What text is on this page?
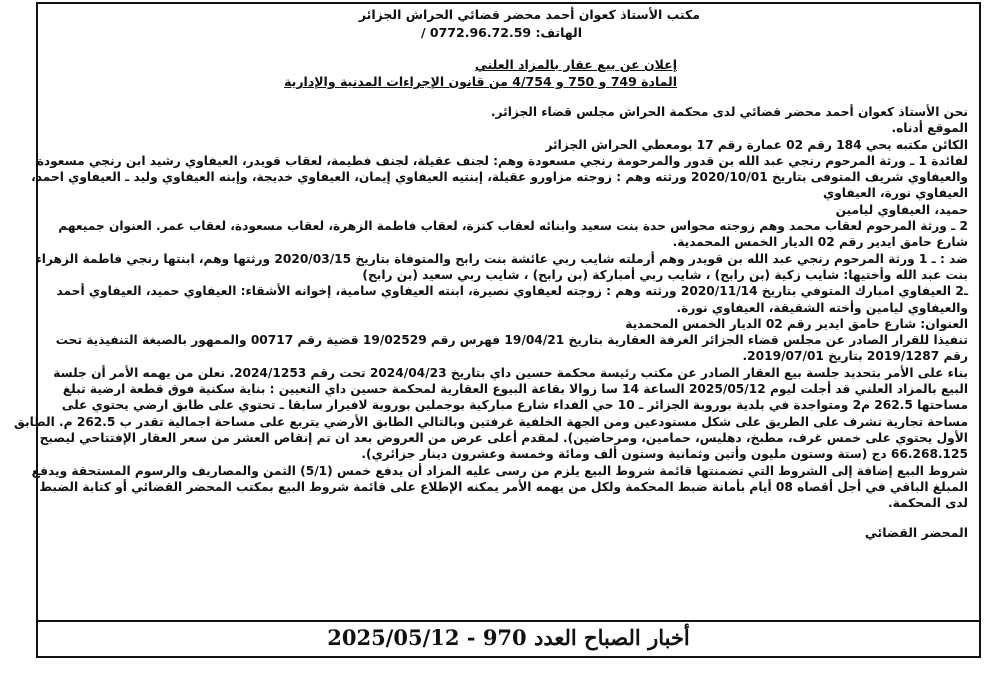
مكتب الأستاذ كعوان أحمد محضر قضائي الحراش الجزائر
الهاتف: 0772.96.72.59 /
إعلان عن بيع عقار بالمزاد العلني
المادة 749 و 750 و 4/754 من قانون الإجراءات المدنية والإدارية

نحن الأستاذ كعوان أحمد محضر قضائي لدى محكمة الحراش مجلس قضاء الجزائر.

الموقع أدناه.

الكائن مكتبه بحي 184 رقم 02 عمارة رقم 17 بومعطي الحراش الجزائر

لفائدة 1 ـ ورثة المرحوم رنجي عبد الله بن قدور والمرحومة رنجي مسعودة وهم: لجنف عقيلة، لجنف فطيمة، لعقاب قويدر، العيفاوي رشيد ابن رنجي مسعودة

والعيفاوي شريف المتوفى بتاريخ 2020/10/01 ورثته وهم : زوجته مزاورو عقيلة، إبنتيه العيفاوي إيمان، العيفاوي خديجة، وإبنه العيفاوي وليد ـ العيفاوي احمد،

العيفاوي نورة، العيفاوي

حميد، العيفاوي ليامين

2 ـ ورثة المرحوم لعقاب محمد وهم زوجته محواس حدة بنت سعيد وابنائه لعقاب كنزة، لعقاب فاطمة الزهرة، لعقاب مسعودة، لعقاب عمر. العنوان جميعهم

شارع حامق ايدير رقم 02 الديار الخمس المحمدية.

ضد : ـ 1 ورثة المرحوم رنجي عبد الله بن قويدر وهم أرملته شايب ربي عائشة بنت رابح والمتوفاة بتاريخ 2020/03/15 ورثتها وهم، ابنتها رنجي فاطمة الزهراء

بنت عبد الله وأختيها: شايب زكية (بن رابح) ، شايب ربي أمباركة (بن رابح) ، شايب ربي سعيد (بن رابح)

ـ2 العيفاوي امبارك المتوفي بتاريخ 2020/11/14 ورثته وهم : زوجته لعيفاوي نصيرة، ابنته العيفاوي سامية، إخوانه الأشقاء: العيفاوي حميد، العيفاوي أحمد

والعيفاوي ليامين وأخته الشقيقة، العيفاوي نورة.

العنوان: شارع حامق ايدير رقم 02 الديار الخمس المحمدية

تنفيذا للقرار الصادر عن مجلس قضاء الجزائر الغرفة العقارية بتاريخ 19/04/21 فهرس رقم 19/02529 قضية رقم 00717 والممهور بالصيغة التنفيذية تحت

رقم 2019/1287 بتاريخ 2019/07/01.

بناء على الأمر بتحديد جلسة بيع العقار الصادر عن مكتب رئيسة محكمة حسين داي بتاريخ 2024/04/23 تحت رقم 2024/1253. نعلن من يهمه الأمر أن جلسة

البيع بالمزاد العلني قد أجلت ليوم 2025/05/12 الساعة 14 سا زوالا بقاعة البيوع العقارية لمحكمة حسين داي التعيين : بناية سكنية فوق قطعة ارضية تبلغ

مساحتها 262.5 م2 ومتواجدة في بلدية بوروبة الجزائر ـ 10 حي الفداء شارع مباركية بوجملين بوروبة لافيرار سابقا ـ تحتوي على طابق ارضي يحتوي على

مساحة تجارية تشرف على الطريق على شكل مستودعين ومن الجهة الخلفية غرفتين وبالتالي الطابق الأرضي يتربع على مساحة اجمالية تقدر ب 262.5 م. الطابق

الأول يحتوي على خمس غرف، مطبخ، دهليس، حمامين، ومرحاضين). لمقدم أعلى عرض من العروض بعد ان تم إنقاص العشر من سعر العقار الإفتتاحي ليصبح

66.268.125 دج (ستة وستون مليون وأتين وثمانية وستون ألف ومائة وخمسة وعشرون دينار جزائري).

شروط البيع إضافة إلى الشروط التي تضمنتها قائمة شروط البيع يلزم من رسى عليه المزاد أن يدفع خمس (5/1) الثمن والمصاريف والرسوم المستحقة ويدفع

المبلغ الباقي في أجل أقصاه 08 أيام بأمانة ضبط المحكمة ولكل من يهمه الأمر يمكنه الإطلاع على قائمة شروط البيع بمكتب المحضر القضائي أو كتابة الضبط

لدى المحكمة.

المحضر القضائي
أخبار الصباح العدد 970 - 2025/05/12
